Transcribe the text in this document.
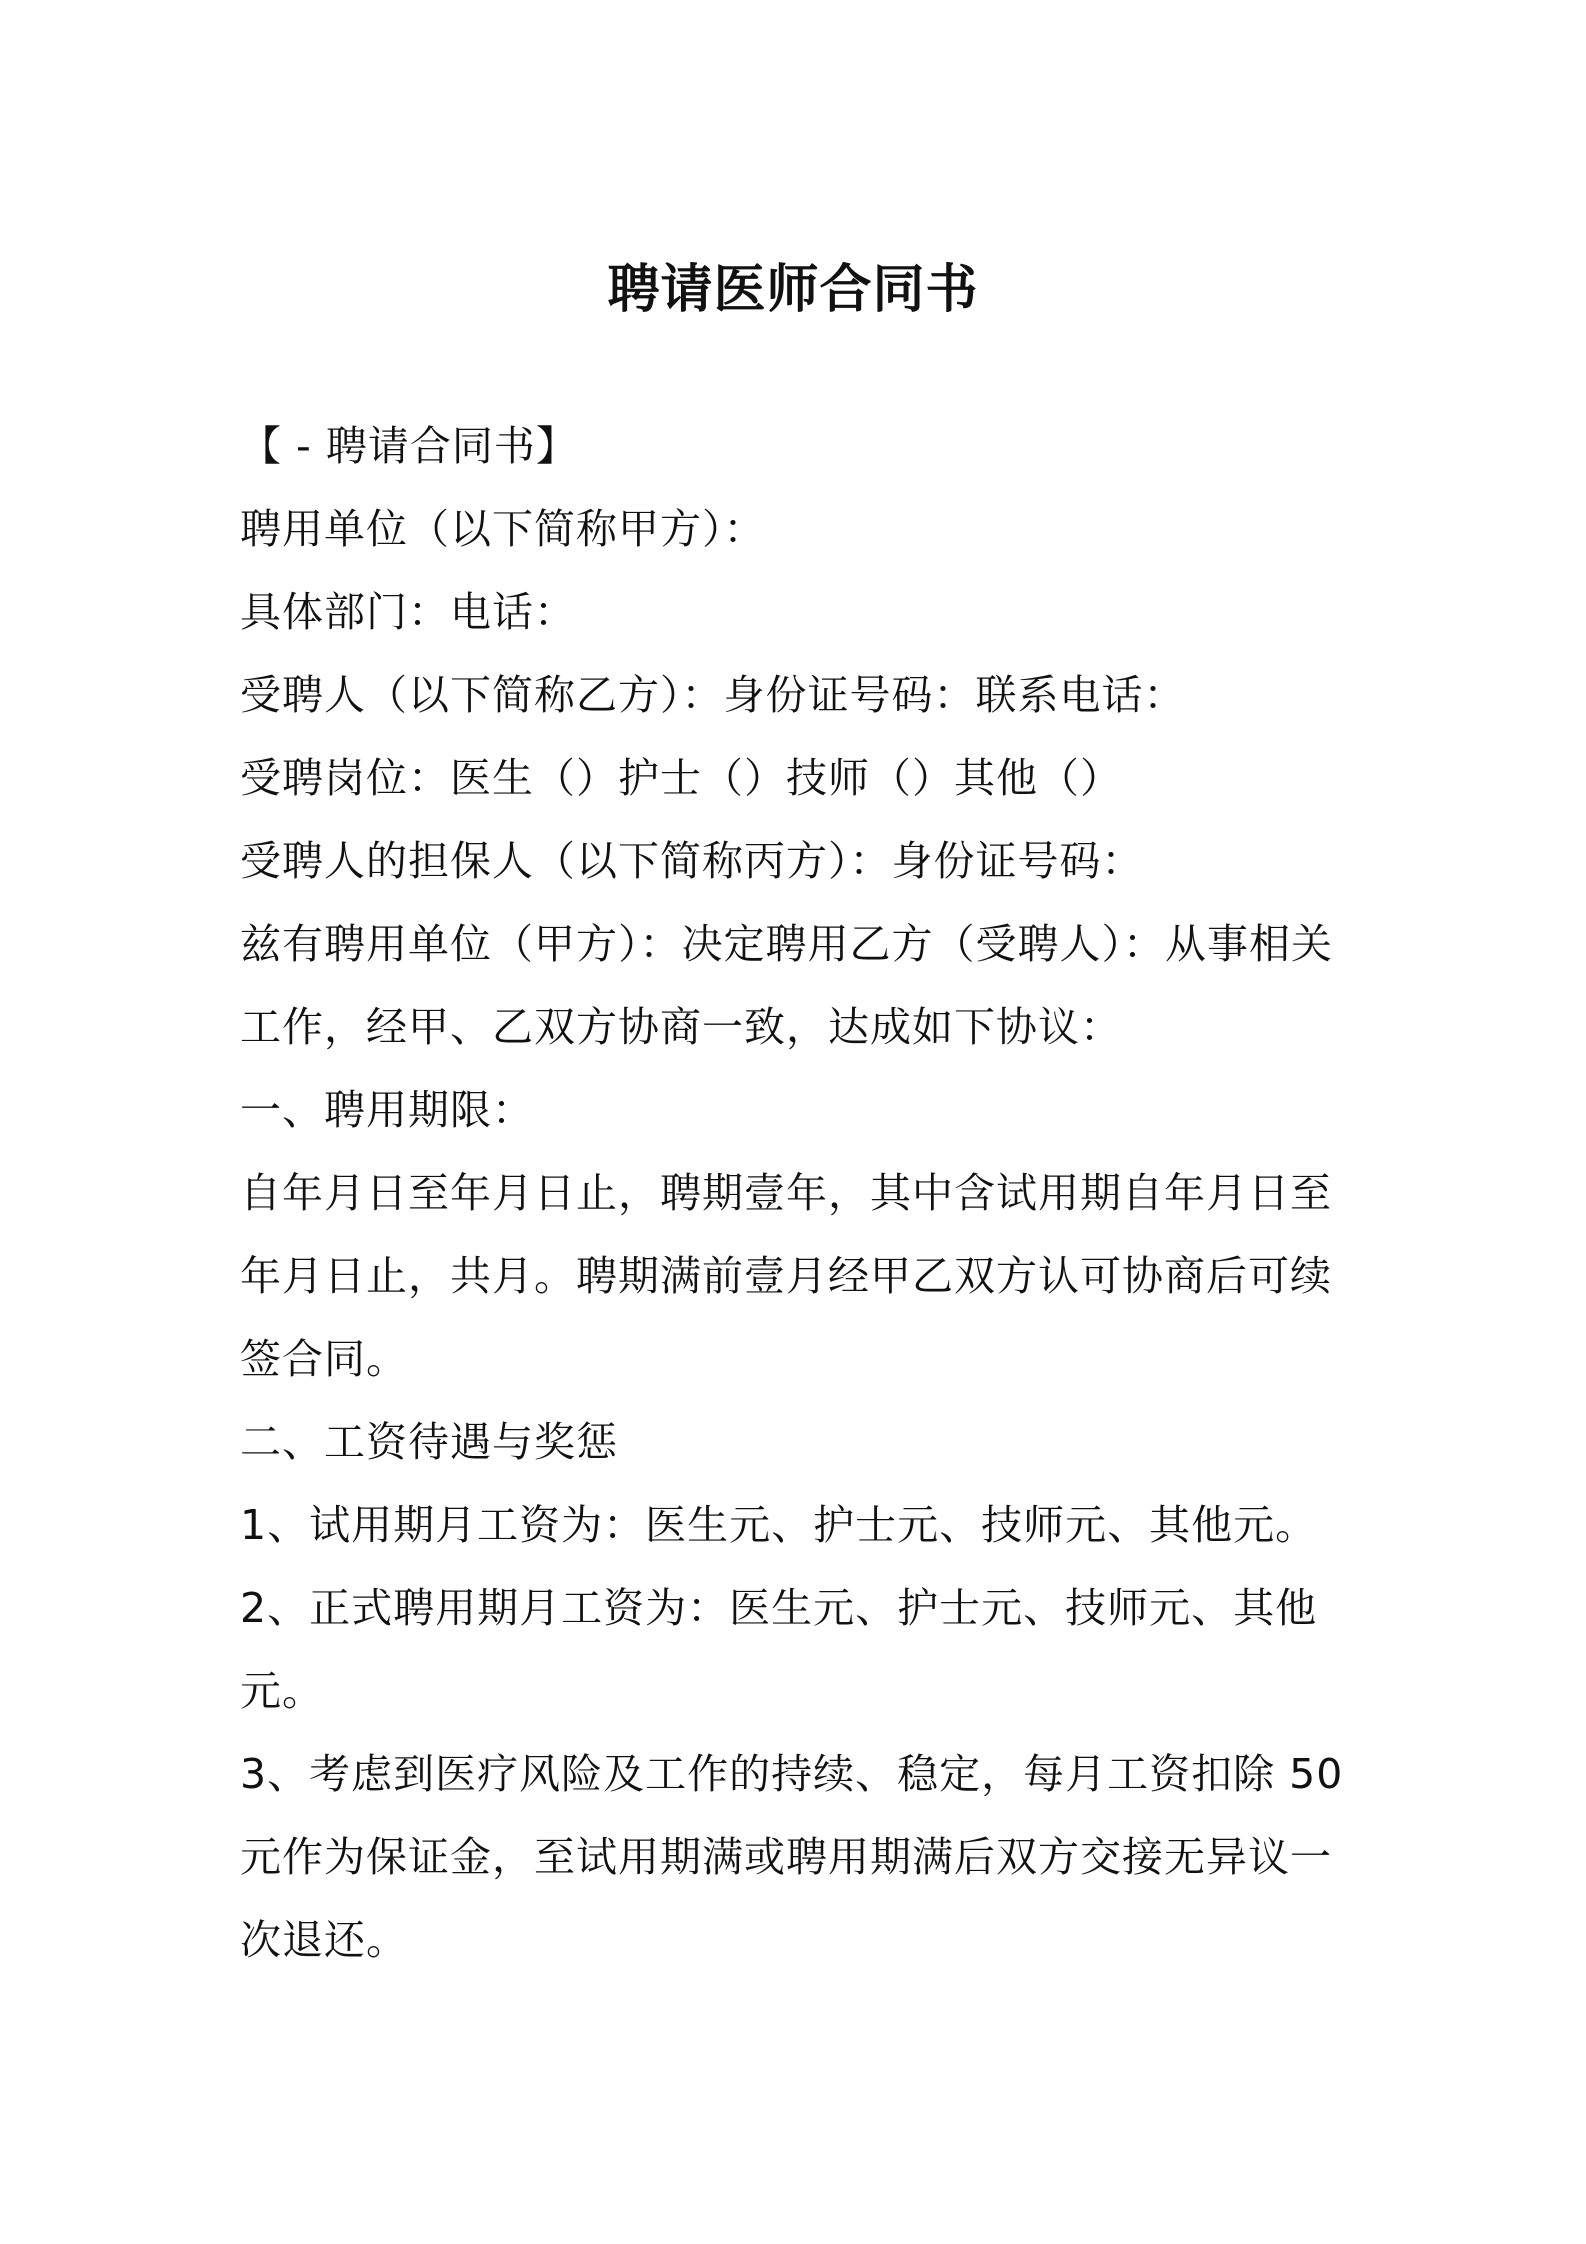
聘请医师合同书
【 - 聘请合同书】
聘用单位（以下简称甲方）：
具体部门：电话：
受聘人（以下简称乙方）：身份证号码：联系电话：
受聘岗位：医生（）护士（）技师（）其他（）
受聘人的担保人（以下简称丙方）：身份证号码：
兹有聘用单位（甲方）：决定聘用乙方（受聘人）：从事相关
工作，经甲、乙双方协商一致，达成如下协议：
一、聘用期限：
自年月日至年月日止，聘期壹年，其中含试用期自年月日至
年月日止，共月。聘期满前壹月经甲乙双方认可协商后可续
签合同。
二、工资待遇与奖惩
1、试用期月工资为：医生元、护士元、技师元、其他元。
2、正式聘用期月工资为：医生元、护士元、技师元、其他
元。
3、考虑到医疗风险及工作的持续、稳定，每月工资扣除 50
元作为保证金，至试用期满或聘用期满后双方交接无异议一
次退还。
